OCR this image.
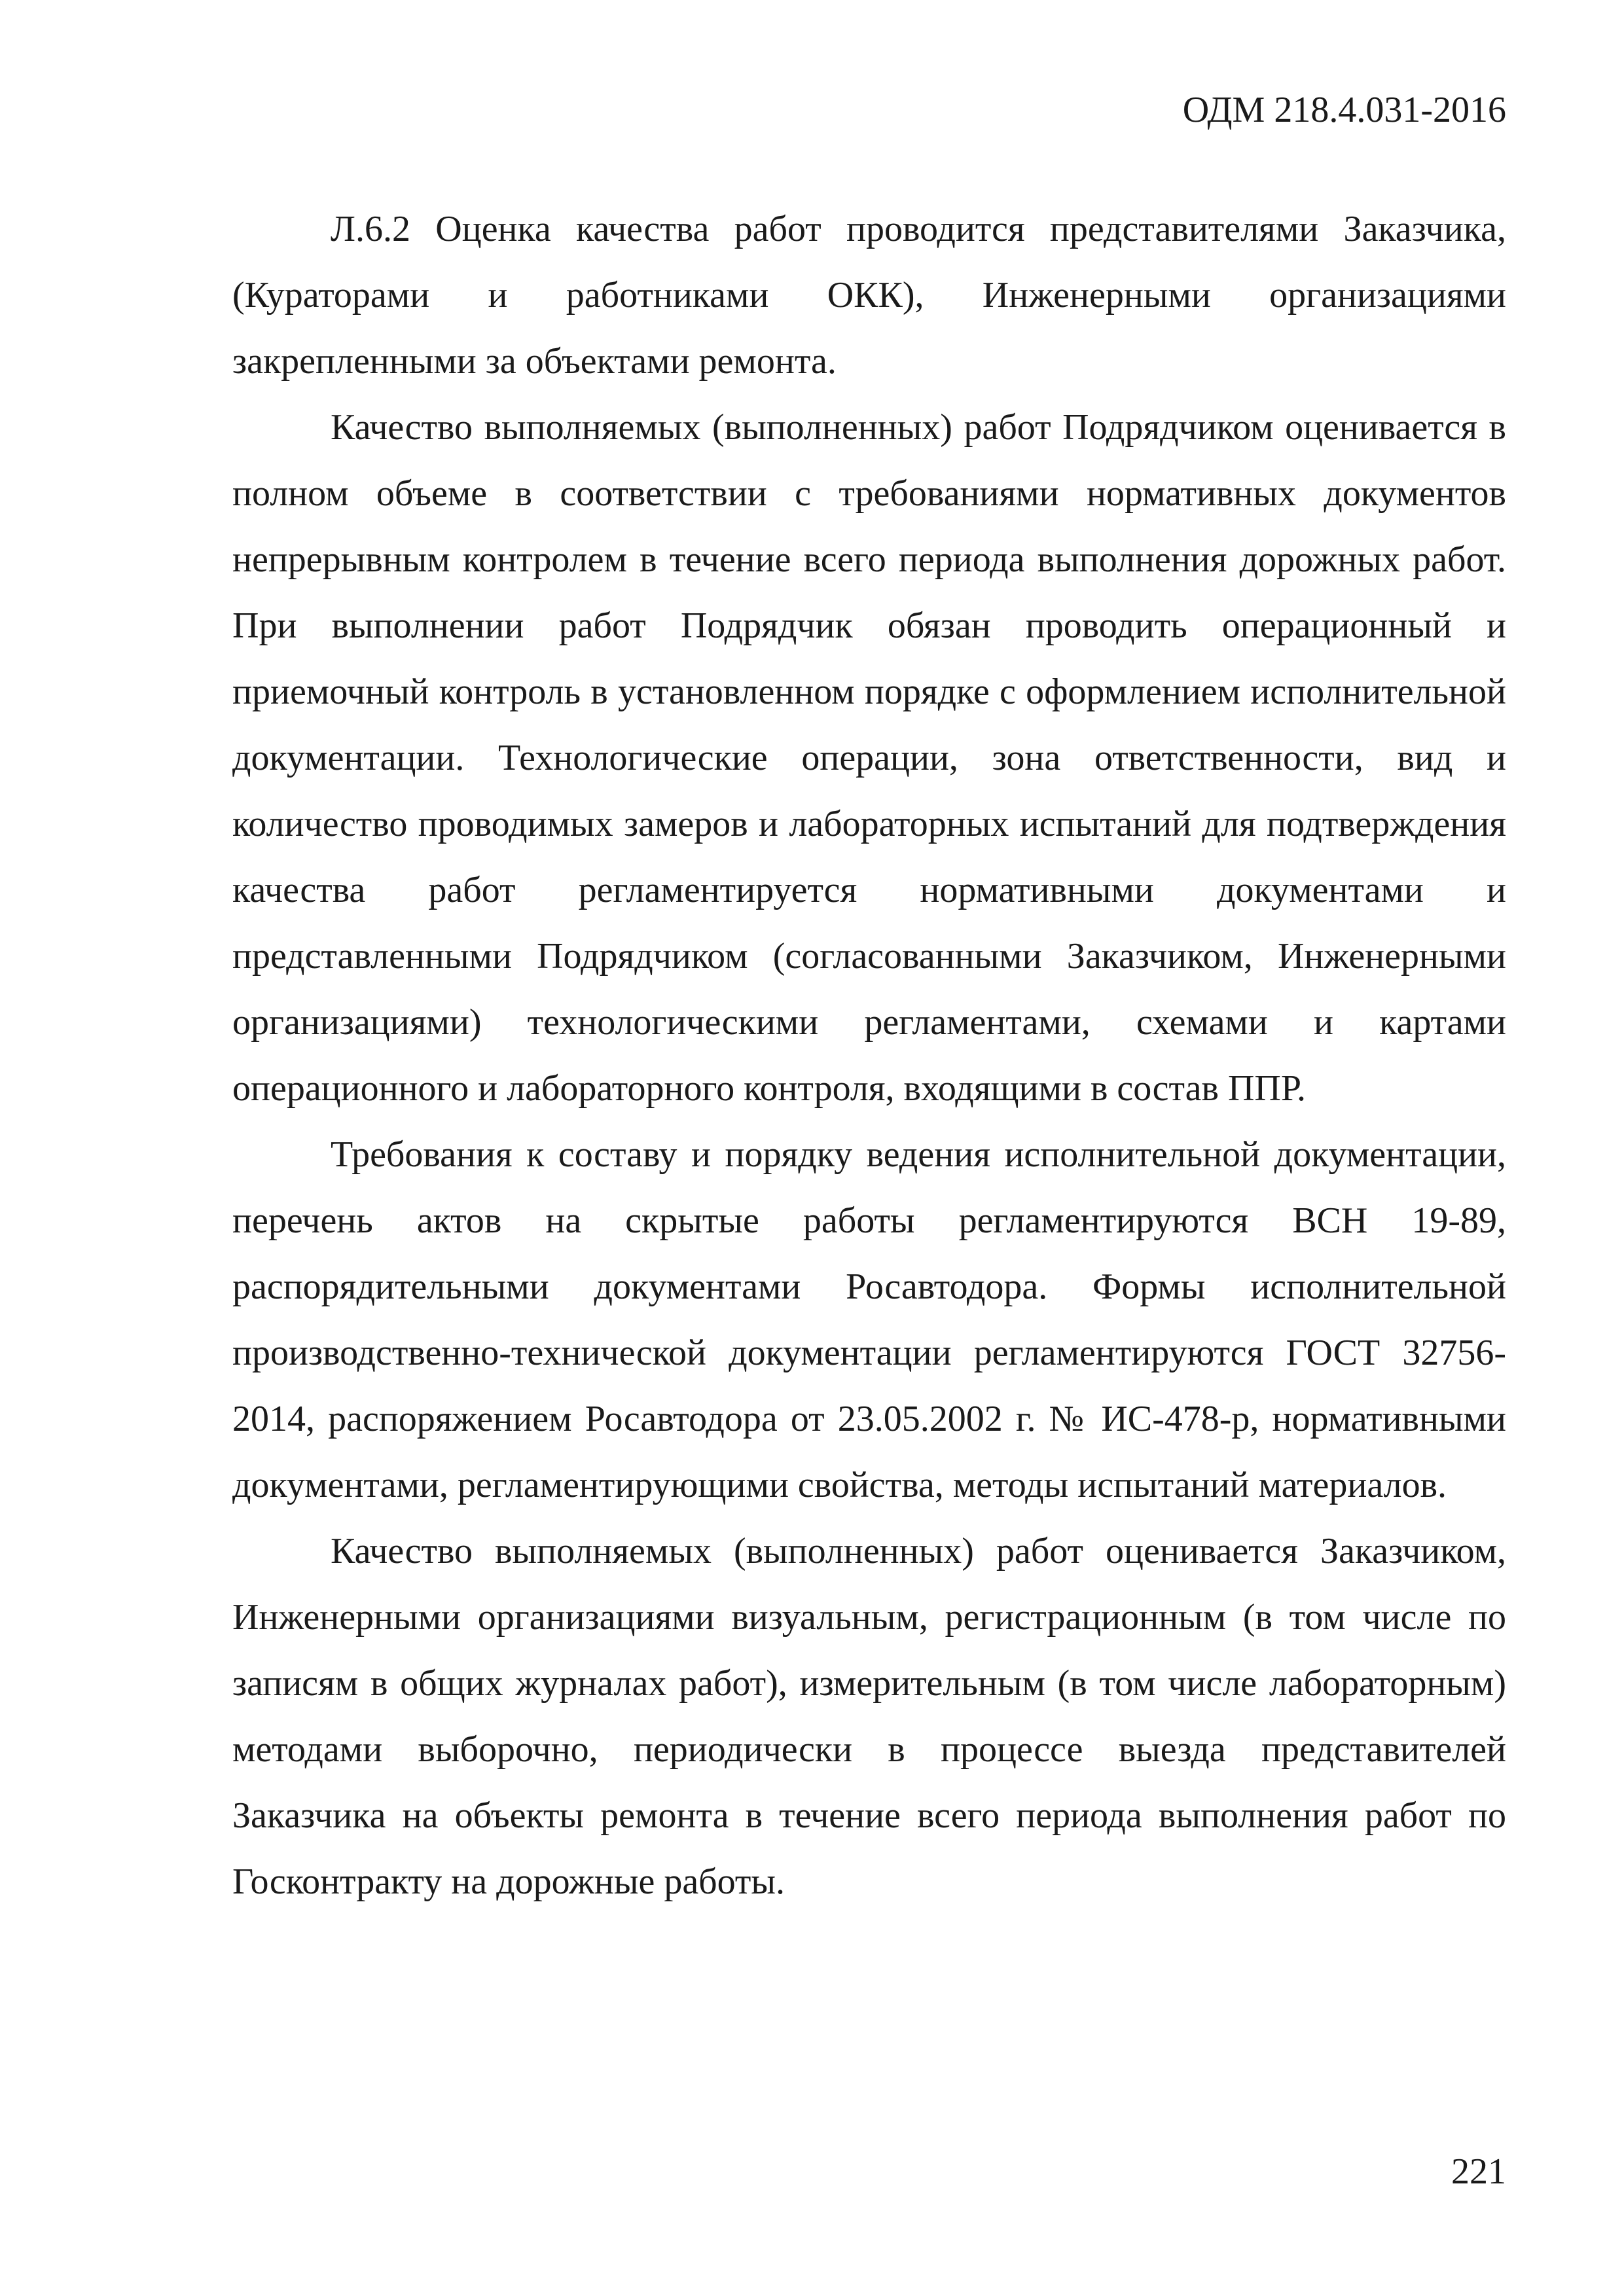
ОДМ 218.4.031-2016

Л.6.2 Оценка качества работ проводится представителями Заказчика, (Кураторами и работниками ОКК), Инженерными организациями закрепленными за объектами ремонта.

Качество выполняемых (выполненных) работ Подрядчиком оценивается в полном объеме в соответствии с требованиями нормативных документов непрерывным контролем в течение всего периода выполнения дорожных работ. При выполнении работ Подрядчик обязан проводить операционный и приемочный контроль в установленном порядке с оформлением исполнительной документации. Технологические операции, зона ответственности, вид и количество проводимых замеров и лабораторных испытаний для подтверждения качества работ регламентируется нормативными документами и представленными Подрядчиком (согласованными Заказчиком, Инженерными организациями) технологическими регламентами, схемами и картами операционного и лабораторного контроля, входящими в состав ППР.

Требования к составу и порядку ведения исполнительной документации, перечень актов на скрытые работы регламентируются ВСН 19-89, распорядительными документами Росавтодора. Формы исполнительной производственно-технической документации регламентируются ГОСТ 32756-2014, распоряжением Росавтодора от 23.05.2002 г. № ИС-478-р, нормативными документами, регламентирующими свойства, методы испытаний материалов.

Качество выполняемых (выполненных) работ оценивается Заказчиком, Инженерными организациями визуальным, регистрационным (в том числе по записям в общих журналах работ), измерительным (в том числе лабораторным) методами выборочно, периодически в процессе выезда представителей Заказчика на объекты ремонта в течение всего периода выполнения работ по Госконтракту на дорожные работы.

221
